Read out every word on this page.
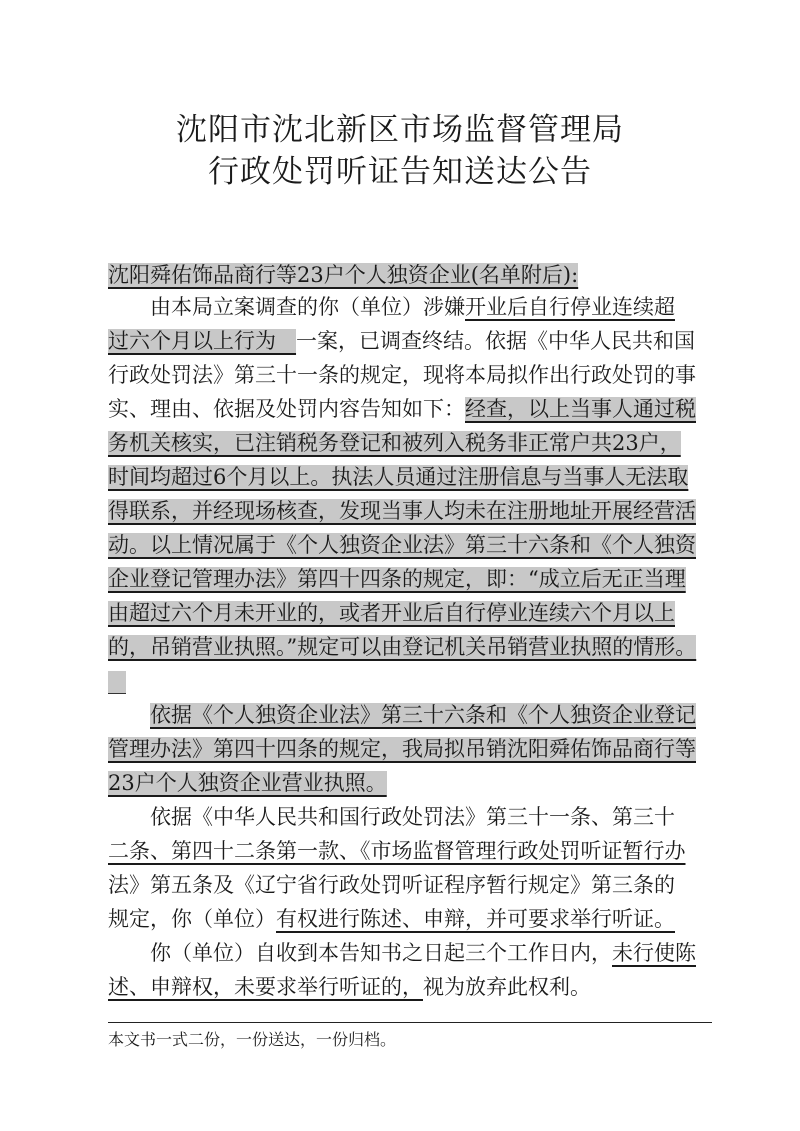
沈阳市沈北新区市场监督管理局
行政处罚听证告知送达公告
沈阳舜佑饰品商行等23户个人独资企业(名单附后):
由本局立案调查的你（单位）涉嫌开业后自行停业连续超
过六个月以上行为 一案，已调查终结。依据《中华人民共和国
行政处罚法》第三十一条的规定，现将本局拟作出行政处罚的事
实、理由、依据及处罚内容告知如下：经查，以上当事人通过税
务机关核实，已注销税务登记和被列入税务非正常户共23户，
时间均超过6个月以上。执法人员通过注册信息与当事人无法取
得联系，并经现场核查，发现当事人均未在注册地址开展经营活
动。以上情况属于《个人独资企业法》第三十六条和《个人独资
企业登记管理办法》第四十四条的规定，即：“成立后无正当理
由超过六个月未开业的，或者开业后自行停业连续六个月以上
的，吊销营业执照。”规定可以由登记机关吊销营业执照的情形。
依据《个人独资企业法》第三十六条和《个人独资企业登记
管理办法》第四十四条的规定，我局拟吊销沈阳舜佑饰品商行等
23户个人独资企业营业执照。
依据《中华人民共和国行政处罚法》第三十一条、第三十
二条、第四十二条第一款、《市场监督管理行政处罚听证暂行办
法》第五条及《辽宁省行政处罚听证程序暂行规定》第三条的
规定，你（单位）有权进行陈述、申辩，并可要求举行听证。
你（单位）自收到本告知书之日起三个工作日内，未行使陈
述、申辩权，未要求举行听证的，视为放弃此权利。
本文书一式二份，一份送达，一份归档。
